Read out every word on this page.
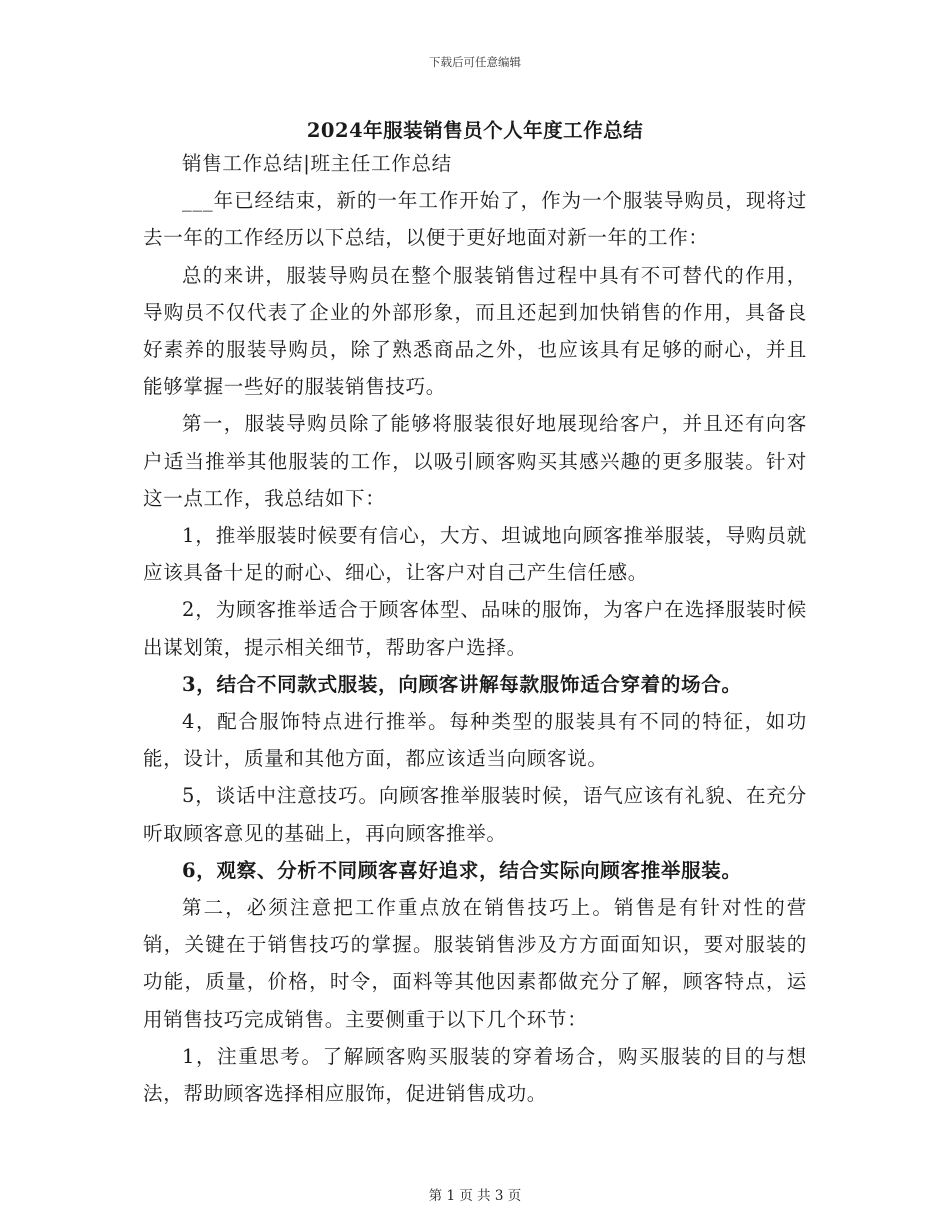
下载后可任意编辑
2024年服装销售员个人年度工作总结

销售工作总结|班主任工作总结

___年已经结束，新的一年工作开始了，作为一个服装导购员，现将过去一年的工作经历以下总结，以便于更好地面对新一年的工作：

总的来讲，服装导购员在整个服装销售过程中具有不可替代的作用，导购员不仅代表了企业的外部形象，而且还起到加快销售的作用，具备良好素养的服装导购员，除了熟悉商品之外，也应该具有足够的耐心，并且能够掌握一些好的服装销售技巧。

第一，服装导购员除了能够将服装很好地展现给客户，并且还有向客户适当推举其他服装的工作，以吸引顾客购买其感兴趣的更多服装。针对这一点工作，我总结如下：

1，推举服装时候要有信心，大方、坦诚地向顾客推举服装，导购员就应该具备十足的耐心、细心，让客户对自己产生信任感。

2，为顾客推举适合于顾客体型、品味的服饰，为客户在选择服装时候出谋划策，提示相关细节，帮助客户选择。

3，结合不同款式服装，向顾客讲解每款服饰适合穿着的场合。

4，配合服饰特点进行推举。每种类型的服装具有不同的特征，如功能，设计，质量和其他方面，都应该适当向顾客说。

5，谈话中注意技巧。向顾客推举服装时候，语气应该有礼貌、在充分听取顾客意见的基础上，再向顾客推举。

6，观察、分析不同顾客喜好追求，结合实际向顾客推举服装。

第二，必须注意把工作重点放在销售技巧上。销售是有针对性的营销，关键在于销售技巧的掌握。服装销售涉及方方面面知识，要对服装的功能，质量，价格，时令，面料等其他因素都做充分了解，顾客特点，运用销售技巧完成销售。主要侧重于以下几个环节：

1，注重思考。了解顾客购买服装的穿着场合，购买服装的目的与想法，帮助顾客选择相应服饰，促进销售成功。

第 1 页 共 3 页
